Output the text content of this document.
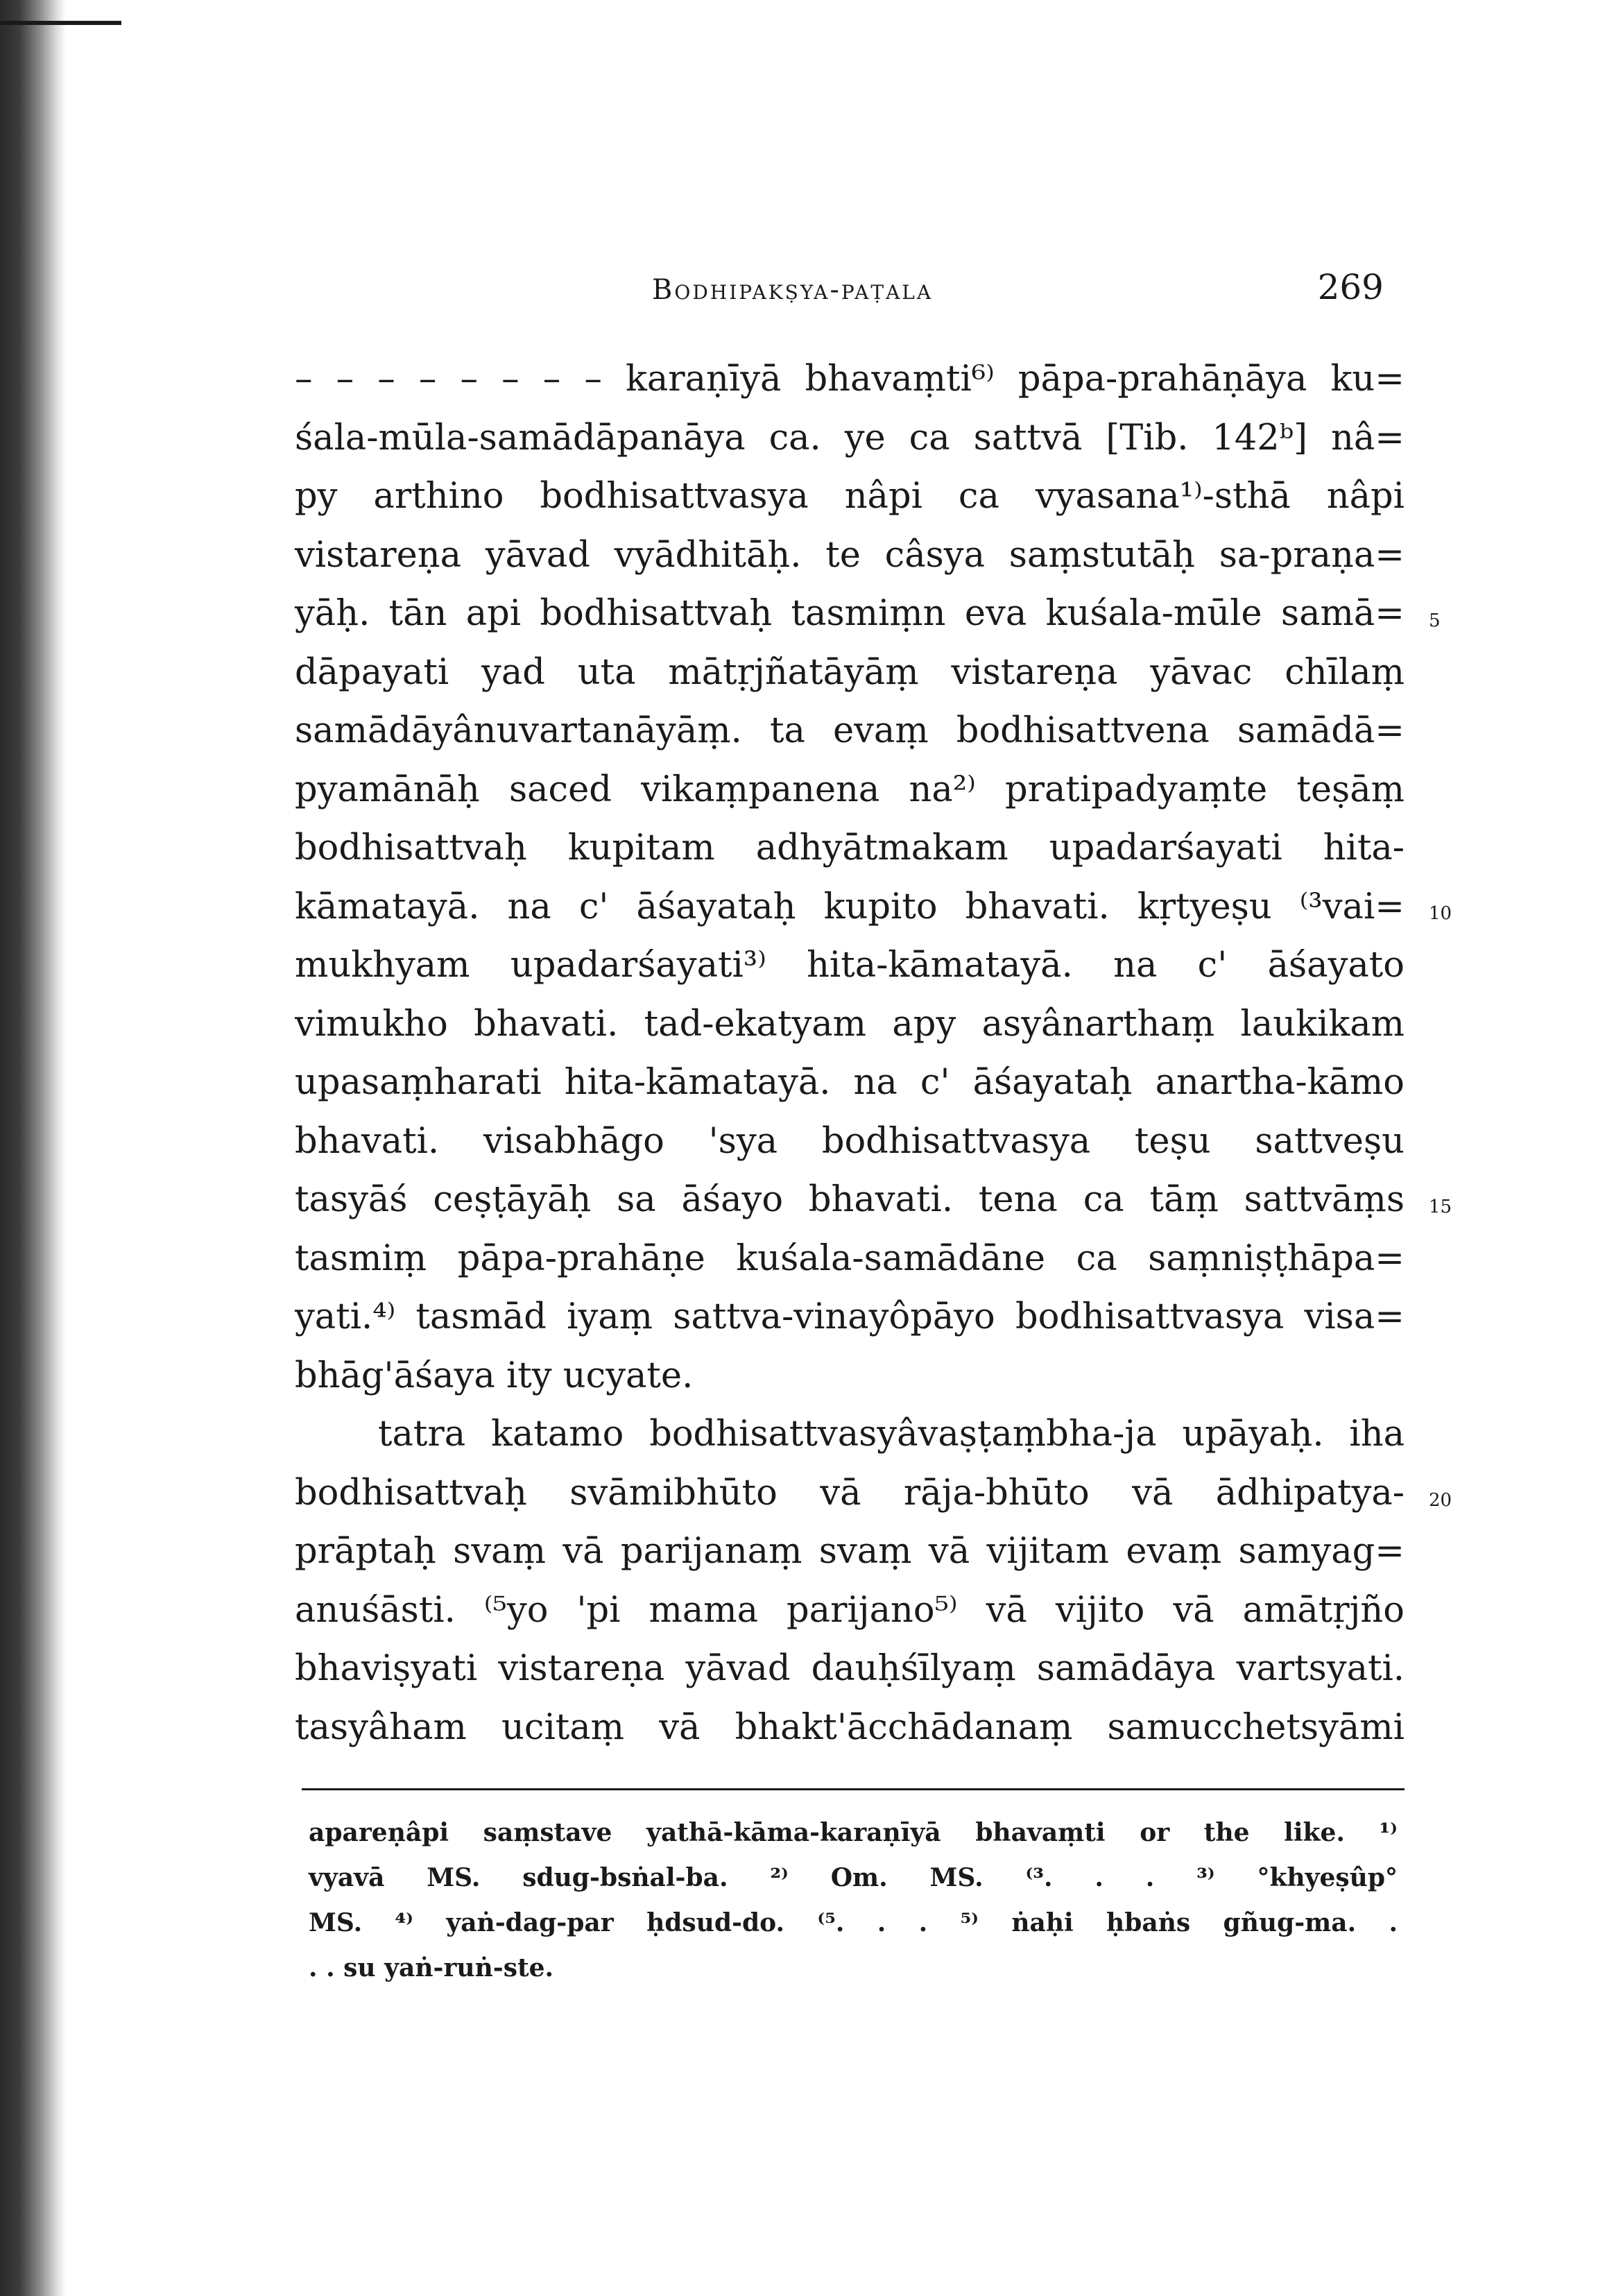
Bodhipakṣya-paṭala	269
– – – – – – – – karaṇīyā bhavaṃti⁶⁾ pāpa-prahāṇāya ku=
śala-mūla-samādāpanāya ca. ye ca sattvā [Tib. 142ᵇ] nâ=
py arthino bodhisattvasya nâpi ca vyasana¹⁾-sthā nâpi
vistareṇa yāvad vyādhitāḥ. te câsya saṃstutāḥ sa-praṇa=
yāḥ. tān api bodhisattvaḥ tasmiṃn eva kuśala-mūle samā=
dāpayati yad uta mātṛjñatāyāṃ vistareṇa yāvac chīlaṃ
samādāyânuvartanāyāṃ. ta evaṃ bodhisattvena samādā=
pyamānāḥ saced vikaṃpanena na²⁾ pratipadyaṃte teṣāṃ
bodhisattvaḥ kupitam adhyātmakam upadarśayati hita-
kāmatayā. na c' āśayataḥ kupito bhavati. kṛtyeṣu ⁽³vai=
mukhyam upadarśayati³⁾ hita-kāmatayā. na c' āśayato
vimukho bhavati. tad-ekatyam apy asyânarthaṃ laukikam
upasaṃharati hita-kāmatayā. na c' āśayataḥ anartha-kāmo
bhavati. visabhāgo 'sya bodhisattvasya teṣu sattveṣu
tasyāś ceṣṭāyāḥ sa āśayo bhavati. tena ca tāṃ sattvāṃs
tasmiṃ pāpa-prahāṇe kuśala-samādāne ca saṃniṣṭhāpa=
yati.⁴⁾ tasmād iyaṃ sattva-vinayôpāyo bodhisattvasya visa=
bhāg'āśaya ity ucyate.
tatra katamo bodhisattvasyâvaṣṭaṃbha-ja upāyaḥ. iha
bodhisattvaḥ svāmibhūto vā rāja-bhūto vā ādhipatya-
prāptaḥ svaṃ vā parijanaṃ svaṃ vā vijitam evaṃ samyag=
anuśāsti. ⁽⁵yo 'pi mama parijano⁵⁾ vā vijito vā amātṛjño
bhaviṣyati vistareṇa yāvad dauḥśīlyaṃ samādāya vartsyati.
tasyâham ucitaṃ vā bhakt'ācchādanaṃ samucchetsyāmi
5
10
15
20
apareṇâpi saṃstave yathā-kāma-karaṇīyā bhavaṃti or the like. ¹⁾
vyavā MS. sdug-bsṅal-ba. ²⁾ Om. MS. ⁽³. . . ³⁾ °khyeṣûp°
MS. ⁴⁾ yaṅ-dag-par ḥdsud-do. ⁽⁵. . . ⁵⁾ ṅaḥi ḥbaṅs gñug-ma. .
. . su yaṅ-ruṅ-ste.
